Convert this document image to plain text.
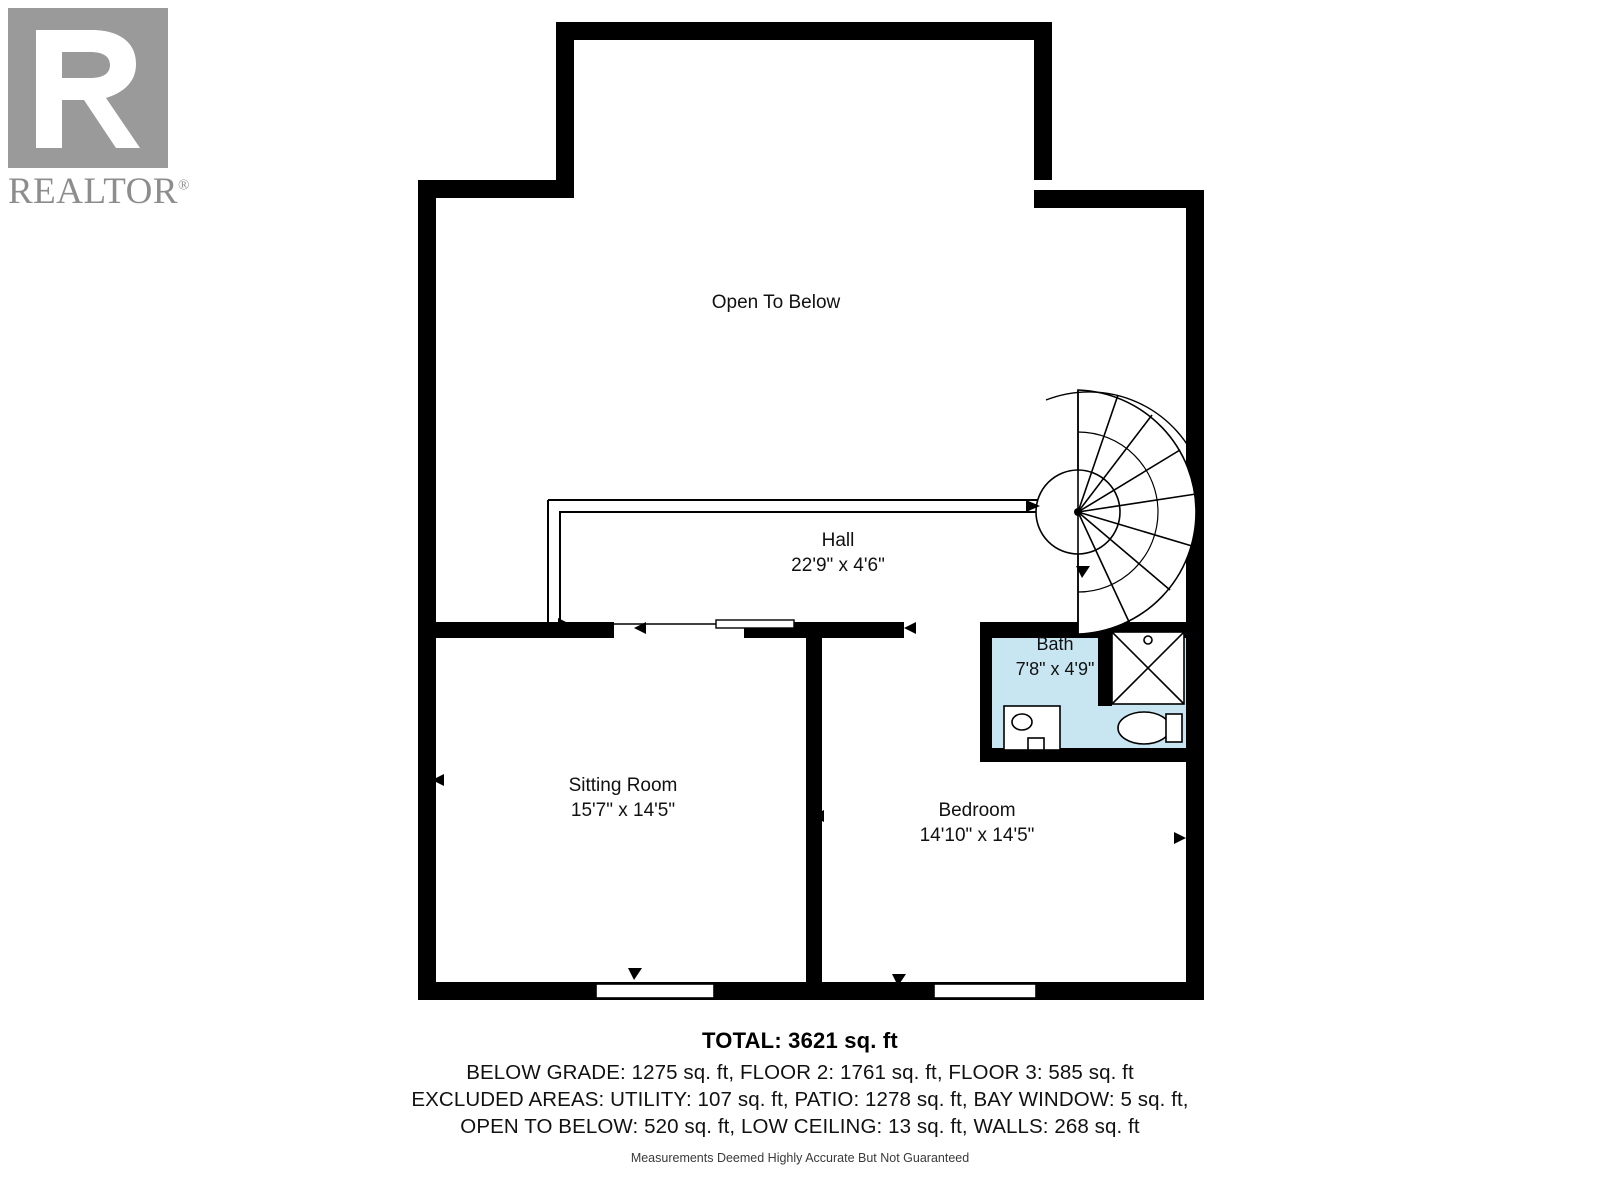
REALTOR®
Open To Below
Hall
22'9" x 4'6"
Bath
7'8" x 4'9"
Sitting Room
15'7" x 14'5"	Bedroom
14'10" x 14'5"
TOTAL: 3621 sq. ft
BELOW GRADE: 1275 sq. ft, FLOOR 2: 1761 sq. ft, FLOOR 3: 585 sq. ft
EXCLUDED AREAS: UTILITY: 107 sq. ft, PATIO: 1278 sq. ft, BAY WINDOW: 5 sq. ft,
OPEN TO BELOW: 520 sq. ft, LOW CEILING: 13 sq. ft, WALLS: 268 sq. ft
Measurements Deemed Highly Accurate But Not Guaranteed
